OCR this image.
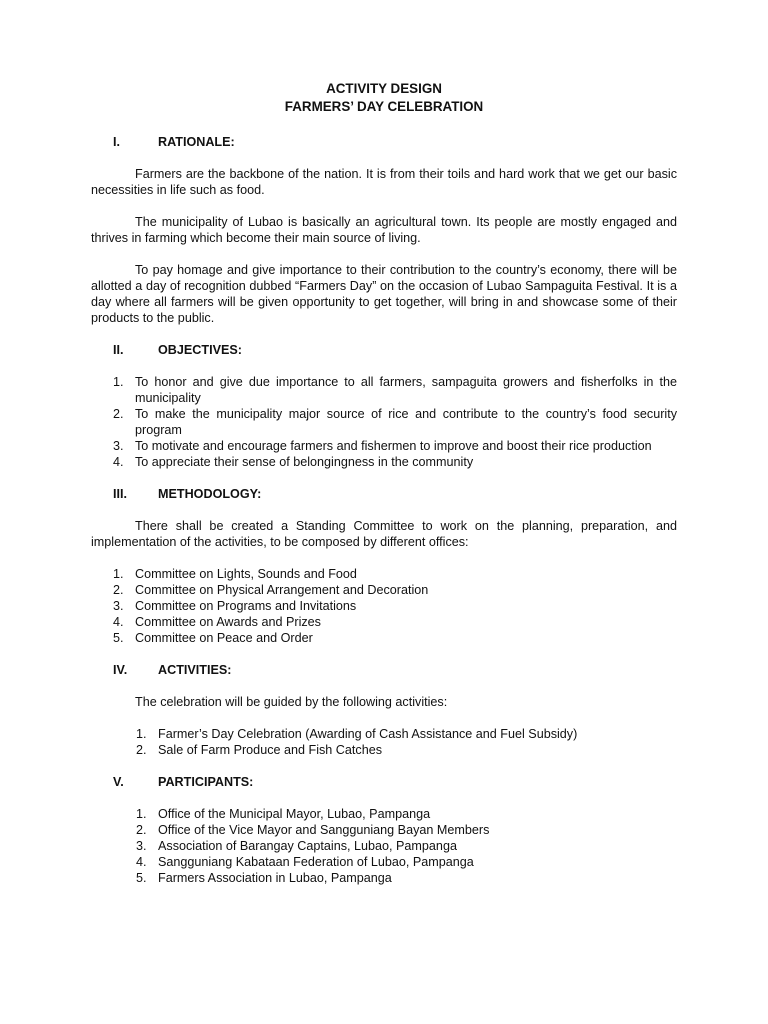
ACTIVITY DESIGN
FARMERS’ DAY CELEBRATION
I.	RATIONALE:

Farmers are the backbone of the nation. It is from their toils and hard work that we get our basic necessities in life such as food.

The municipality of Lubao is basically an agricultural town. Its people are mostly engaged and thrives in farming which become their main source of living.

To pay homage and give importance to their contribution to the country’s economy, there will be allotted a day of recognition dubbed “Farmers Day” on the occasion of Lubao Sampaguita Festival. It is a day where all farmers will be given opportunity to get together, will bring in and showcase some of their products to the public.

II.	OBJECTIVES:
1. To honor and give due importance to all farmers, sampaguita growers and fisherfolks in the municipality
2. To make the municipality major source of rice and contribute to the country’s food security program
3. To motivate and encourage farmers and fishermen to improve and boost their rice production
4. To appreciate their sense of belongingness in the community
III.	METHODOLOGY:

There shall be created a Standing Committee to work on the planning, preparation, and implementation of the activities, to be composed by different offices:

1. Committee on Lights, Sounds and Food
2. Committee on Physical Arrangement and Decoration
3. Committee on Programs and Invitations
4. Committee on Awards and Prizes
5. Committee on Peace and Order
IV.	ACTIVITIES:

The celebration will be guided by the following activities:

1. Farmer’s Day Celebration (Awarding of Cash Assistance and Fuel Subsidy)
2. Sale of Farm Produce and Fish Catches
V.	PARTICIPANTS:
1. Office of the Municipal Mayor, Lubao, Pampanga
2. Office of the Vice Mayor and Sangguniang Bayan Members
3. Association of Barangay Captains, Lubao, Pampanga
4. Sangguniang Kabataan Federation of Lubao, Pampanga
5. Farmers Association in Lubao, Pampanga
